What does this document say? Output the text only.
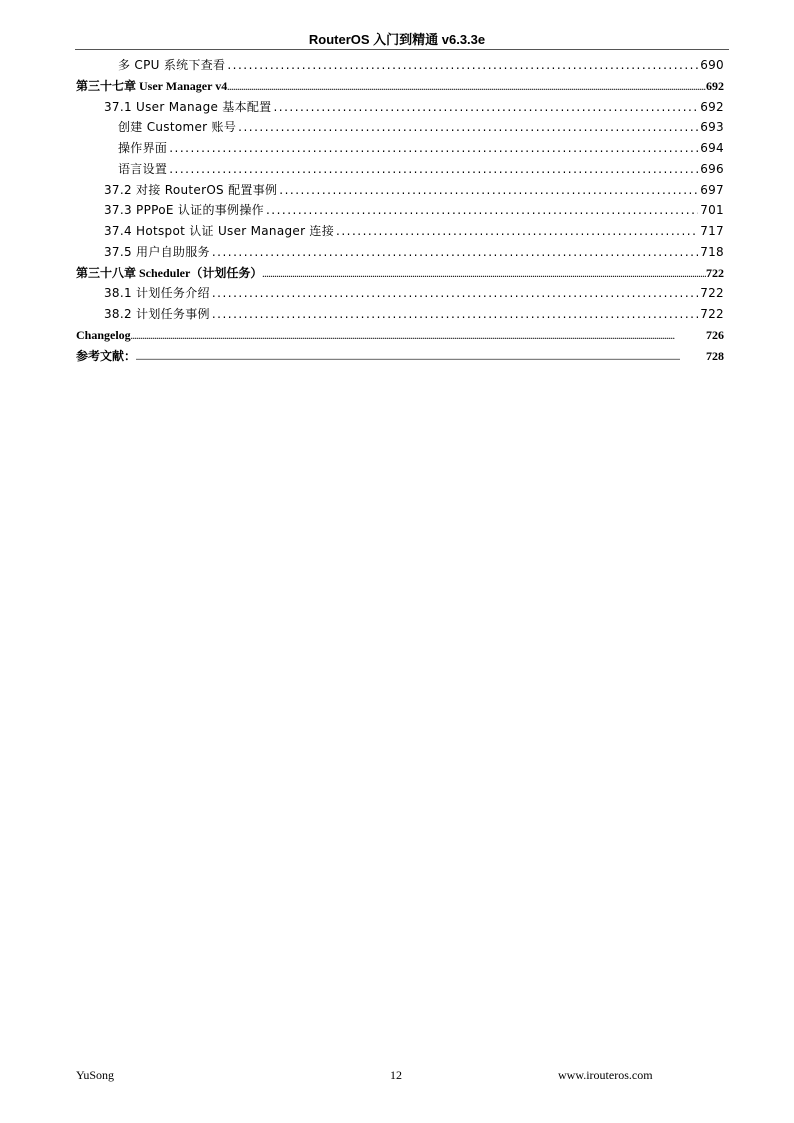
RouterOS 入门到精通 v6.3.3e
多 CPU 系统下查看 .....	690
第三十七章 User Manager v4 .....	692
37.1 User Manage 基本配置 .....	692
创建 Customer 账号 .....	693
操作界面 .....	694
语言设置 .....	696
37.2 对接 RouterOS 配置事例 .....	697
37.3 PPPoE 认证的事例操作 .....	701
37.4 Hotspot 认证 User Manager 连接 .....	717
37.5 用户自助服务 .....	718
第三十八章 Scheduler（计划任务） .....	722
38.1 计划任务介绍 .....	722
38.2 计划任务事例 .....	722
Changelog .....	726
参考文献： .....	728
YuSong	12	www.irouteros.com
